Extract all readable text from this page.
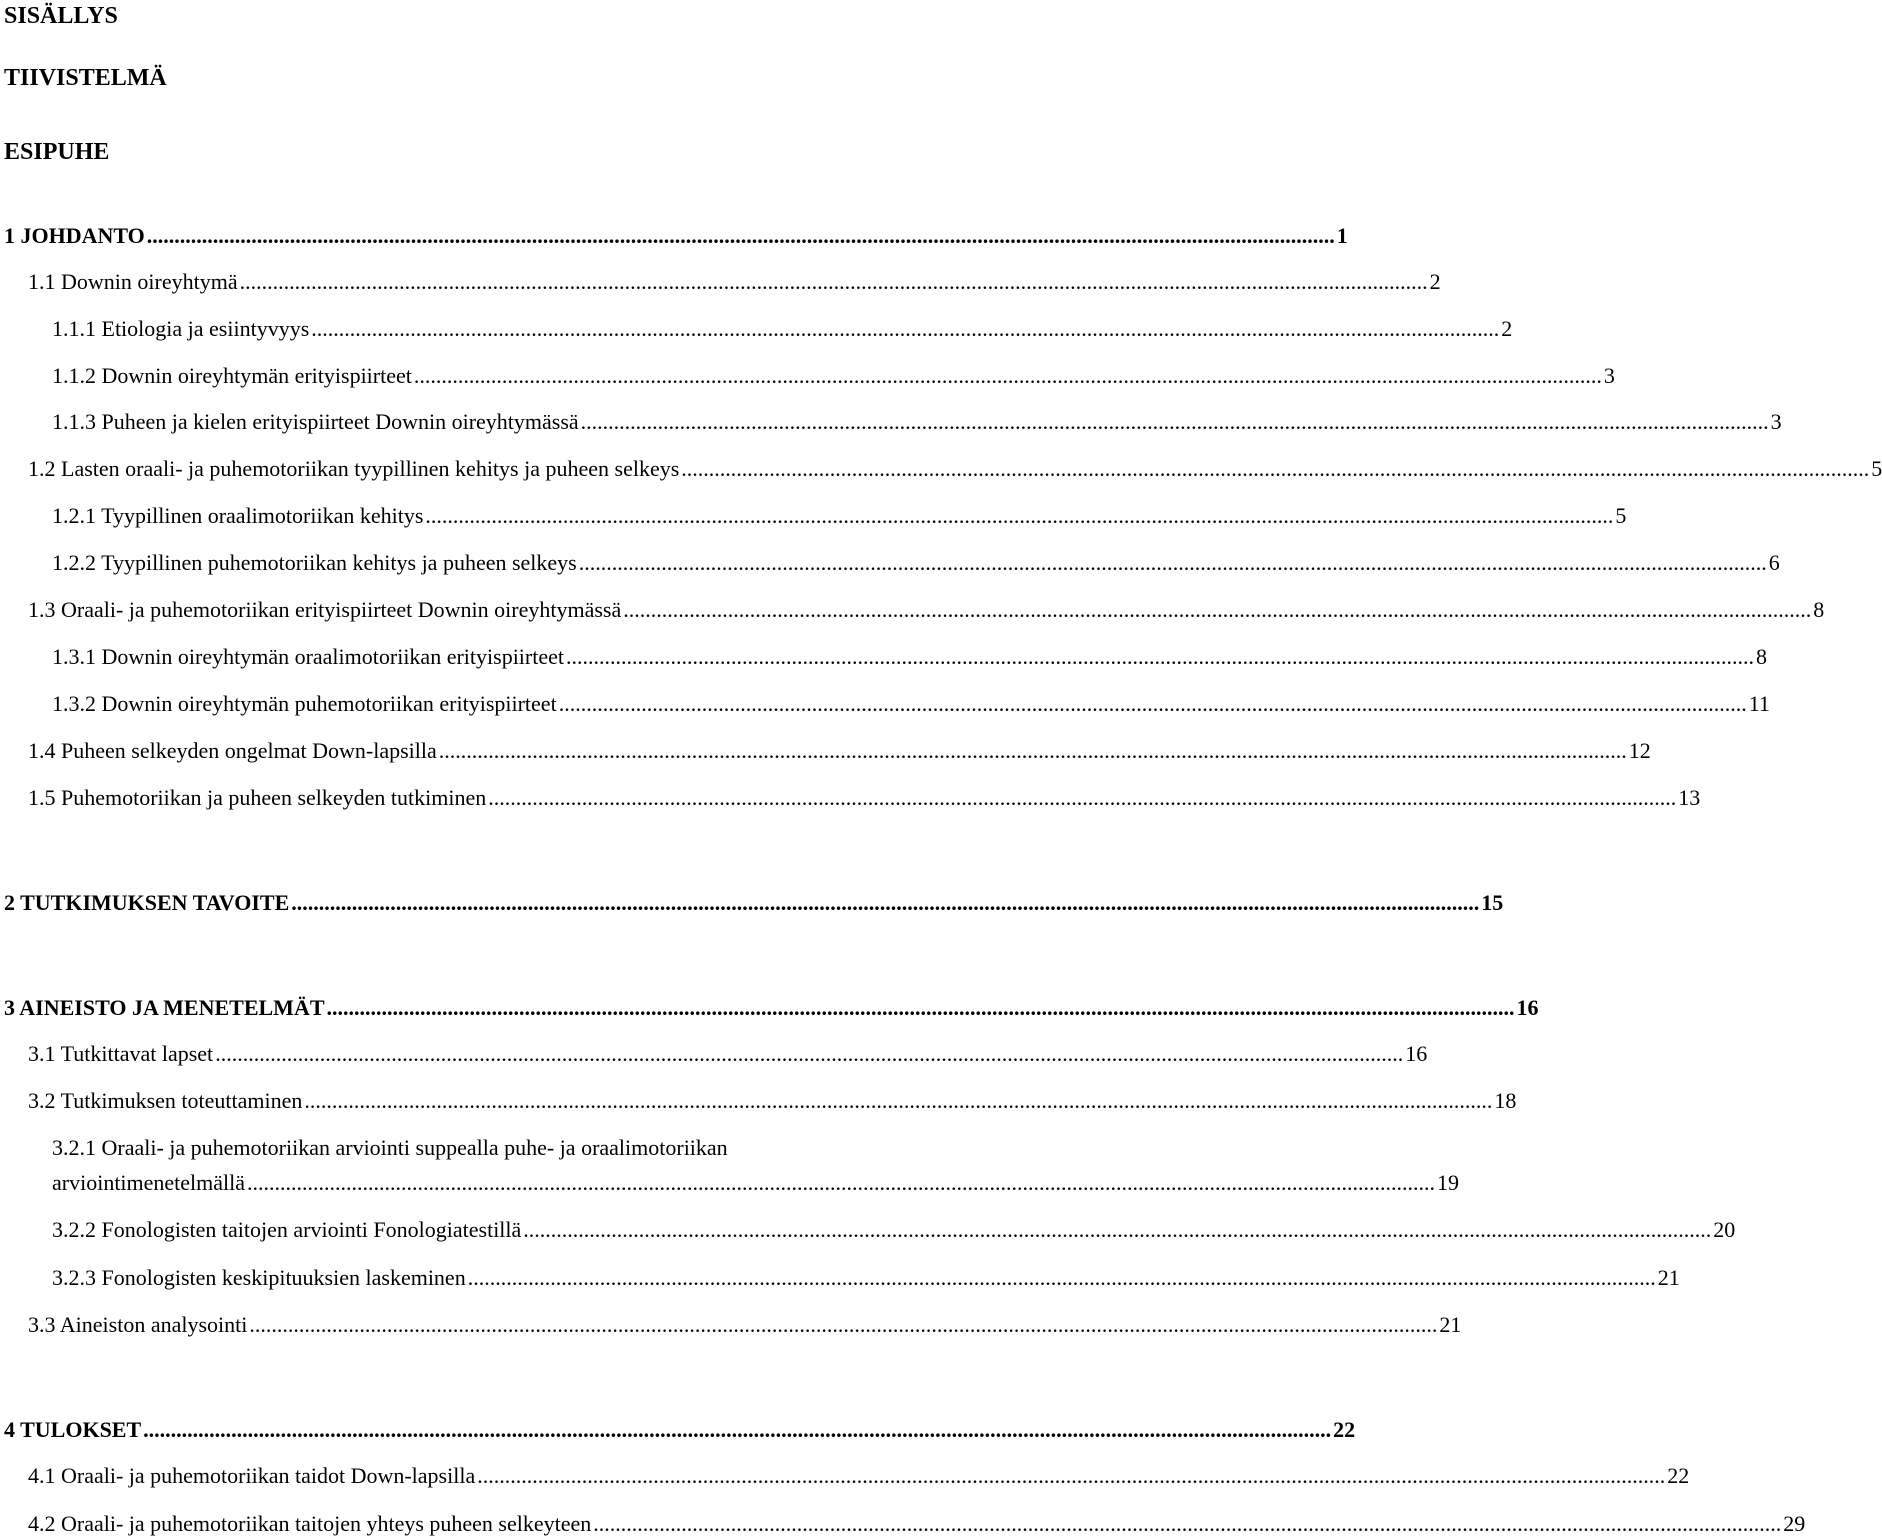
SISÄLLYS
TIIVISTELMÄ
ESIPUHE
1 JOHDANTO ........................................................................................................................................................................................................................ 1
1.1 Downin oireyhtymä ........................................................................................................................................................................................................................ 2
1.1.1 Etiologia ja esiintyvyys ........................................................................................................................................................................................................................ 2
1.1.2 Downin oireyhtymän erityispiirteet ........................................................................................................................................................................................................................ 3
1.1.3 Puheen ja kielen erityispiirteet Downin oireyhtymässä ........................................................................................................................................................................................................................ 3
1.2 Lasten oraali- ja puhemotoriikan tyypillinen kehitys ja puheen selkeys ........................................................................................................................................................................................................................ 5
1.2.1 Tyypillinen oraalimotoriikan kehitys ........................................................................................................................................................................................................................ 5
1.2.2 Tyypillinen puhemotoriikan kehitys ja puheen selkeys ........................................................................................................................................................................................................................ 6
1.3 Oraali- ja puhemotoriikan erityispiirteet Downin oireyhtymässä ........................................................................................................................................................................................................................ 8
1.3.1 Downin oireyhtymän oraalimotoriikan erityispiirteet ........................................................................................................................................................................................................................ 8
1.3.2 Downin oireyhtymän puhemotoriikan erityispiirteet ........................................................................................................................................................................................................................ 11
1.4 Puheen selkeyden ongelmat Down-lapsilla ........................................................................................................................................................................................................................ 12
1.5 Puhemotoriikan ja puheen selkeyden tutkiminen ........................................................................................................................................................................................................................ 13
2 TUTKIMUKSEN TAVOITE ........................................................................................................................................................................................................................ 15
3 AINEISTO JA MENETELMÄT ........................................................................................................................................................................................................................ 16
3.1 Tutkittavat lapset ........................................................................................................................................................................................................................ 16
3.2 Tutkimuksen toteuttaminen ........................................................................................................................................................................................................................ 18
3.2.1 Oraali- ja puhemotoriikan arviointi suppealla puhe- ja oraalimotoriikan
arviointimenetelmällä ........................................................................................................................................................................................................................ 19
3.2.2 Fonologisten taitojen arviointi Fonologiatestillä ........................................................................................................................................................................................................................ 20
3.2.3 Fonologisten keskipituuksien laskeminen ........................................................................................................................................................................................................................ 21
3.3 Aineiston analysointi ........................................................................................................................................................................................................................ 21
4 TULOKSET ........................................................................................................................................................................................................................ 22
4.1 Oraali- ja puhemotoriikan taidot Down-lapsilla ........................................................................................................................................................................................................................ 22
4.2 Oraali- ja puhemotoriikan taitojen yhteys puheen selkeyteen ........................................................................................................................................................................................................................ 29
